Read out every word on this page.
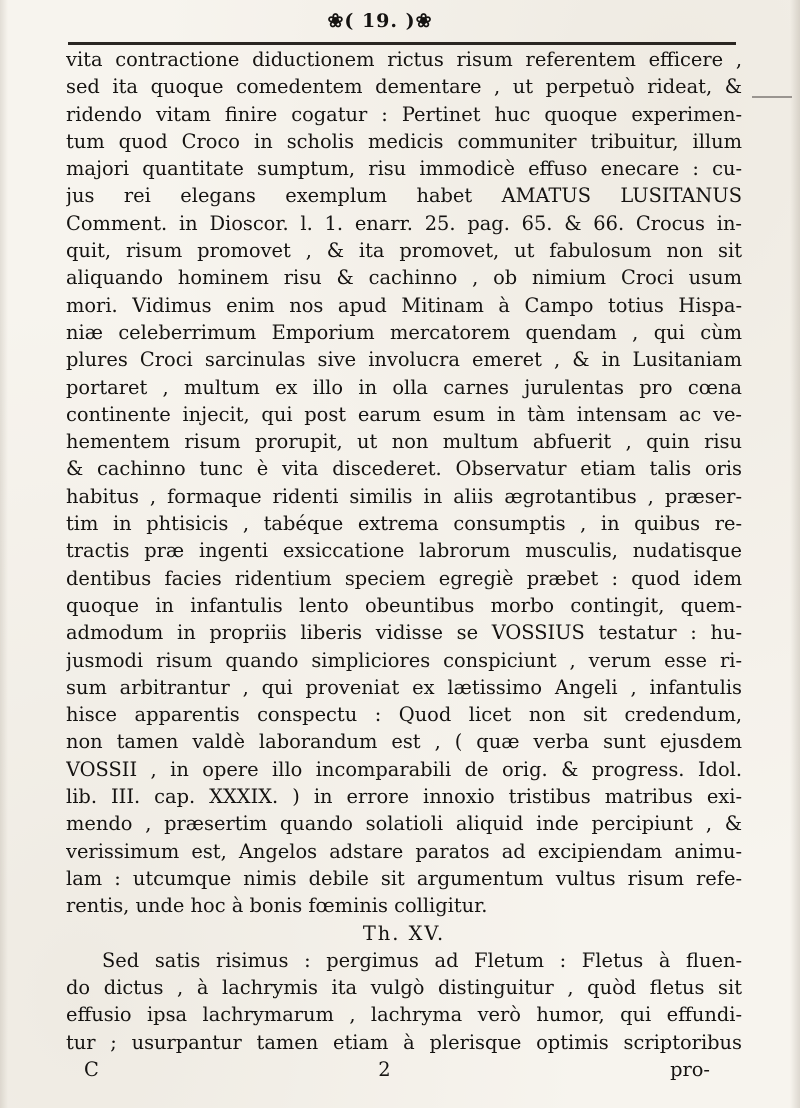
❀( 19. )❀
vita contractione diductionem rictus risum referentem efficere ,
sed ita quoque comedentem dementare , ut perpetuò rideat, &
ridendo vitam finire cogatur : Pertinet huc quoque experimen-
tum quod Croco in scholis medicis communiter tribuitur, illum
majori quantitate sumptum, risu immodicè effuso enecare : cu-
jus rei elegans exemplum habet AMATUS LUSITANUS
Comment. in Dioscor. l. 1. enarr. 25. pag. 65. & 66. Crocus in-
quit, risum promovet , & ita promovet, ut fabulosum non sit
aliquando hominem risu & cachinno , ob nimium Croci usum
mori. Vidimus enim nos apud Mitinam à Campo totius Hispa-
niæ celeberrimum Emporium mercatorem quendam , qui cùm
plures Croci sarcinulas sive involucra emeret , & in Lusitaniam
portaret , multum ex illo in olla carnes jurulentas pro cœna
continente injecit, qui post earum esum in tàm intensam ac ve-
hementem risum prorupit, ut non multum abfuerit , quin risu
& cachinno tunc è vita discederet. Observatur etiam talis oris
habitus , formaque ridenti similis in aliis ægrotantibus , præser-
tim in phtisicis , tabéque extrema consumptis , in quibus re-
tractis præ ingenti exsiccatione labrorum musculis, nudatisque
dentibus facies ridentium speciem egregiè præbet : quod idem
quoque in infantulis lento obeuntibus morbo contingit, quem-
admodum in propriis liberis vidisse se VOSSIUS testatur : hu-
jusmodi risum quando simpliciores conspiciunt , verum esse ri-
sum arbitrantur , qui proveniat ex lætissimo Angeli , infantulis
hisce apparentis conspectu : Quod licet non sit credendum,
non tamen valdè laborandum est , ( quæ verba sunt ejusdem
VOSSII , in opere illo incomparabili de orig. & progress. Idol.
lib. III. cap. XXXIX. ) in errore innoxio tristibus matribus exi-
mendo , præsertim quando solatioli aliquid inde percipiunt , &
verissimum est, Angelos adstare paratos ad excipiendam animu-
lam : utcumque nimis debile sit argumentum vultus risum refe-
rentis, unde hoc à bonis fœminis colligitur.
Th. XV.
Sed satis risimus : pergimus ad Fletum : Fletus à fluen-
do dictus , à lachrymis ita vulgò distinguitur , quòd fletus sit
effusio ipsa lachrymarum , lachryma verò humor, qui effundi-
tur ; usurpantur tamen etiam à plerisque optimis scriptoribus
C 2	pro-
